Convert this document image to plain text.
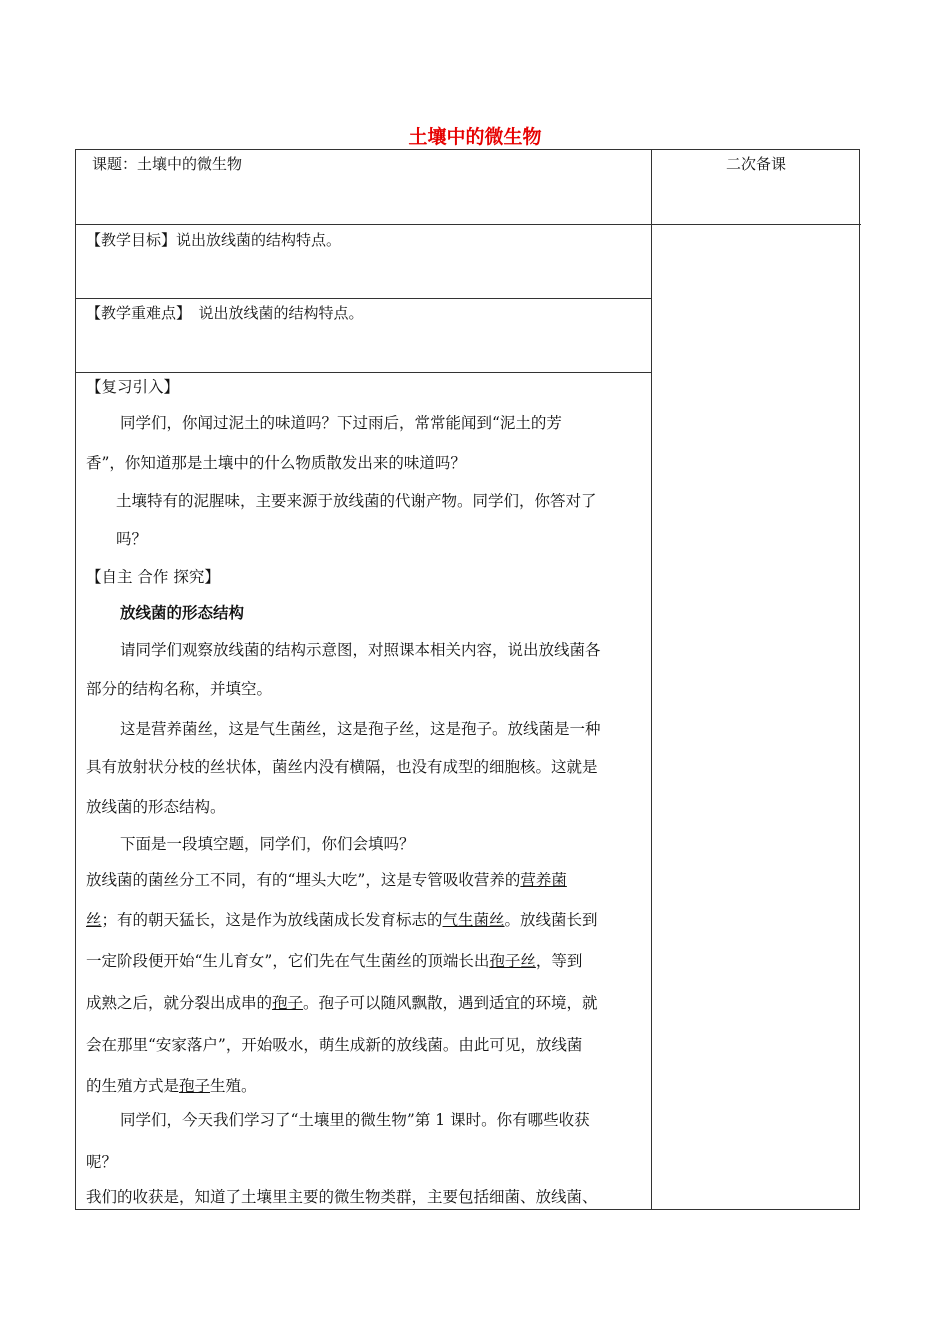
土壤中的微生物
课题：土壤中的微生物	二次备课
【教学目标】说出放线菌的结构特点。
【教学重难点】　说出放线菌的结构特点。
【复习引入】
同学们，你闻过泥土的味道吗？下过雨后，常常能闻到“泥土的芳
香”，你知道那是土壤中的什么物质散发出来的味道吗？
土壤特有的泥腥味，主要来源于放线菌的代谢产物。同学们，你答对了
吗？
【自主 合作 探究】
放线菌的形态结构
请同学们观察放线菌的结构示意图，对照课本相关内容，说出放线菌各
部分的结构名称，并填空。
这是营养菌丝，这是气生菌丝，这是孢子丝，这是孢子。放线菌是一种
具有放射状分枝的丝状体，菌丝内没有横隔，也没有成型的细胞核。这就是
放线菌的形态结构。
下面是一段填空题，同学们，你们会填吗？
放线菌的菌丝分工不同，有的“埋头大吃”，这是专管吸收营养的营养菌
丝；有的朝天猛长，这是作为放线菌成长发育标志的气生菌丝。放线菌长到
一定阶段便开始“生儿育女”，它们先在气生菌丝的顶端长出孢子丝，等到
成熟之后，就分裂出成串的孢子。孢子可以随风飘散，遇到适宜的环境，就
会在那里“安家落户”，开始吸水，萌生成新的放线菌。由此可见，放线菌
的生殖方式是孢子生殖。
同学们，今天我们学习了“土壤里的微生物”第 1 课时。你有哪些收获
呢？
我们的收获是，知道了土壤里主要的微生物类群，主要包括细菌、放线菌、
